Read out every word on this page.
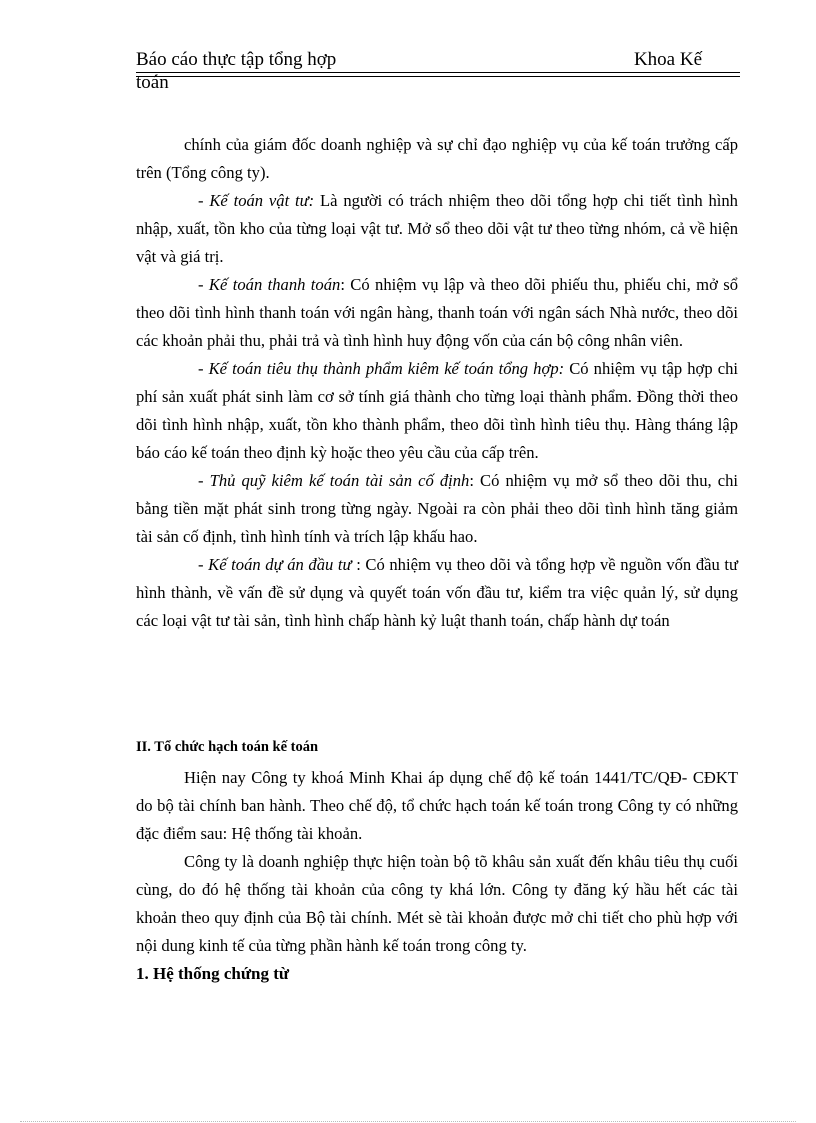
Báo cáo thực tập tổng hợp	Khoa Kế
toán

chính của giám đốc doanh nghiệp và sự chỉ đạo nghiệp vụ của kế toán trưởng cấp trên (Tổng công ty).

- Kế toán vật tư: Là người có trách nhiệm theo dõi tổng hợp chi tiết tình hình nhập, xuất, tồn kho của từng loại vật tư. Mở sổ theo dõi vật tư theo từng nhóm, cả về hiện vật và giá trị.

- Kế toán thanh toán: Có nhiệm vụ lập và theo dõi phiếu thu, phiếu chi, mở sổ theo dõi tình hình thanh toán với ngân hàng, thanh toán với ngân sách Nhà nước, theo dõi các khoản phải thu, phải trả và tình hình huy động vốn của cán bộ công nhân viên.

- Kế toán tiêu thụ thành phẩm kiêm kế toán tổng hợp: Có nhiệm vụ tập hợp chi phí sản xuất phát sinh làm cơ sở tính giá thành cho từng loại thành phẩm. Đồng thời theo dõi tình hình nhập, xuất, tồn kho thành phẩm, theo dõi tình hình tiêu thụ. Hàng tháng lập báo cáo kế toán theo định kỳ hoặc theo yêu cầu của cấp trên.

- Thủ quỹ kiêm kế toán tài sản cố định: Có nhiệm vụ mở sổ theo dõi thu, chi bằng tiền mặt phát sinh trong từng ngày. Ngoài ra còn phải theo dõi tình hình tăng giảm tài sản cố định, tình hình tính và trích lập khấu hao.

- Kế toán dự án đầu tư : Có nhiệm vụ theo dõi và tổng hợp về nguồn vốn đầu tư hình thành, về vấn đề sử dụng và quyết toán vốn đầu tư, kiểm tra việc quản lý, sử dụng các loại vật tư tài sản, tình hình chấp hành kỷ luật thanh toán, chấp hành dự toán

II. Tổ chức hạch toán kế toán

Hiện nay Công ty khoá Minh Khai áp dụng chế độ kế toán 1441/TC/QĐ- CĐKT do bộ tài chính ban hành. Theo chế độ, tổ chức hạch toán kế toán trong Công ty có những đặc điểm sau: Hệ thống tài khoản.

Công ty là doanh nghiệp thực hiện toàn bộ tõ khâu sản xuất đến khâu tiêu thụ cuối cùng, do đó hệ thống tài khoản của công ty khá lớn. Công ty đăng ký hầu hết các tài khoản theo quy định của Bộ tài chính. Mét sè tài khoản được mở chi tiết cho phù hợp với nội dung kinh tế của từng phần hành kế toán trong công ty.

1. Hệ thống chứng từ
